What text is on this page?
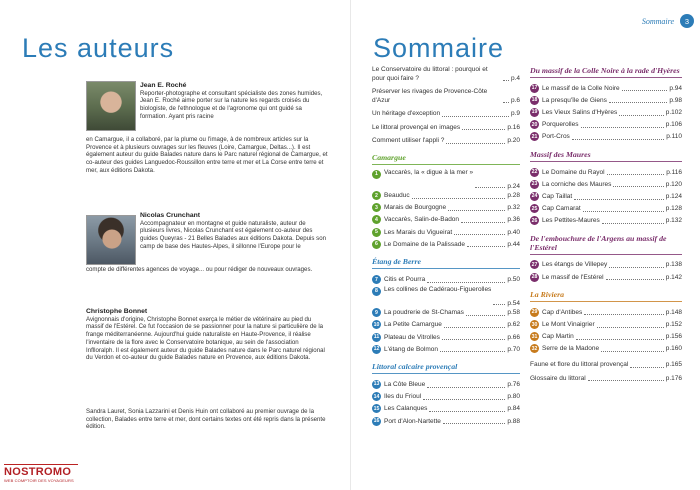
Les auteurs
Jean E. Roché
Reporter-photographe et consultant spécialiste des zones humides, Jean E. Roché aime porter sur la nature les regards croisés du biologiste, de l'ethnologue et de l'agronome qui ont guidé sa formation. Ayant pris racine
en Camargue, il a collaboré, par la plume ou l'image, à de nombreux articles sur la Provence et à plusieurs ouvrages sur les fleuves (Loire, Camargue, Deltas...). Il est également auteur du guide Balades nature dans le Parc naturel régional de Camargue, et co-auteur des guides Languedoc-Roussillon entre terre et mer et La Corse entre terre et mer, aux éditions Dakota.
Nicolas Crunchant
Accompagnateur en montagne et guide naturaliste, auteur de plusieurs livres, Nicolas Crunchant est également co-auteur des guides Queyras - 21 Belles Balades aux éditions Dakota. Depuis son camp de base des Hautes-Alpes, il sillonne l'Europe pour le
compte de différentes agences de voyage... ou pour rédiger de nouveaux ouvrages.
Christophe Bonnet
Avignonnais d'origine, Christophe Bonnet exerça le métier de vétérinaire au pied du massif de l'Estérel. Ce fut l'occasion de se passionner pour la nature si particulière de la frange méditerranéenne. Aujourd'hui guide naturaliste en Haute-Provence, il réalise l'inventaire de la flore avec le Conservatoire botanique, au sein de l'association Inflloralph. Il est également auteur du guide Balades nature dans le Parc naturel régional du Verdon et co-auteur du guide Balades nature en Provence, aux éditions Dakota.
Sandra Lauret, Sonia Lazzarini et Denis Huin ont collaboré au premier ouvrage de la collection, Balades entre terre et mer, dont certains textes ont été repris dans la présente édition.
NOSTROMO
WEB COMPTOIR DES VOYAGEURS
Sommaire
Sommaire	3
Le Conservatoire du littoral : pourquoi et pour quoi faire ?	p.4
Préserver les rivages de Provence-Côte d'Azur	p.6
Un héritage d'exception	p.9
Le littoral provençal en images	p.16
Comment utiliser l'appli ?	p.20
Camargue
1 Vaccarès, la « digue à la mer »
p.24
2 Beauduc	p.28
3 Marais de Bourgogne	p.32
4 Vaccarès, Salin-de-Badon	p.36
5 Les Marais du Vigueirat	p.40
6 Le Domaine de la Palissade	p.44
Étang de Berre
7 Citis et Pourra	p.50
8 Les collines de Cadéraou-Figuerolles
p.54
9 La poudrerie de St-Chamas	p.58
10 La Petite Camargue	p.62
11 Plateau de Vitrolles	p.66
12 L'étang de Bolmon	p.70
Littoral calcaire provençal
13 La Côte Bleue	p.76
14 Iles du Frioul	p.80
15 Les Calanques	p.84
16 Port d'Alon-Nartette	p.88
Du massif de la Colle Noire à la rade d'Hyères
17 Le massif de la Colle Noire	p.94
18 La presqu'île de Giens	p.98
19 Les Vieux Salins d'Hyères	p.102
20 Porquerolles	p.106
21 Port-Cros	p.110
Massif des Maures
22 Le Domaine du Rayol	p.116
23 La corniche des Maures	p.120
24 Cap Taillat	p.124
25 Cap Camarat	p.128
26 Les Pettites-Maures	p.132
De l'embouchure de l'Argens au massif de l'Estérel
27 Les étangs de Villepey	p.138
28 Le massif de l'Estérel	p.142
La Riviera
29 Cap d'Antibes	p.148
30 Le Mont Vinaigrier	p.152
31 Cap Martin	p.156
32 Serre de la Madone	p.160
Faune et flore du littoral provençal	p.165
Glossaire du littoral	p.176
